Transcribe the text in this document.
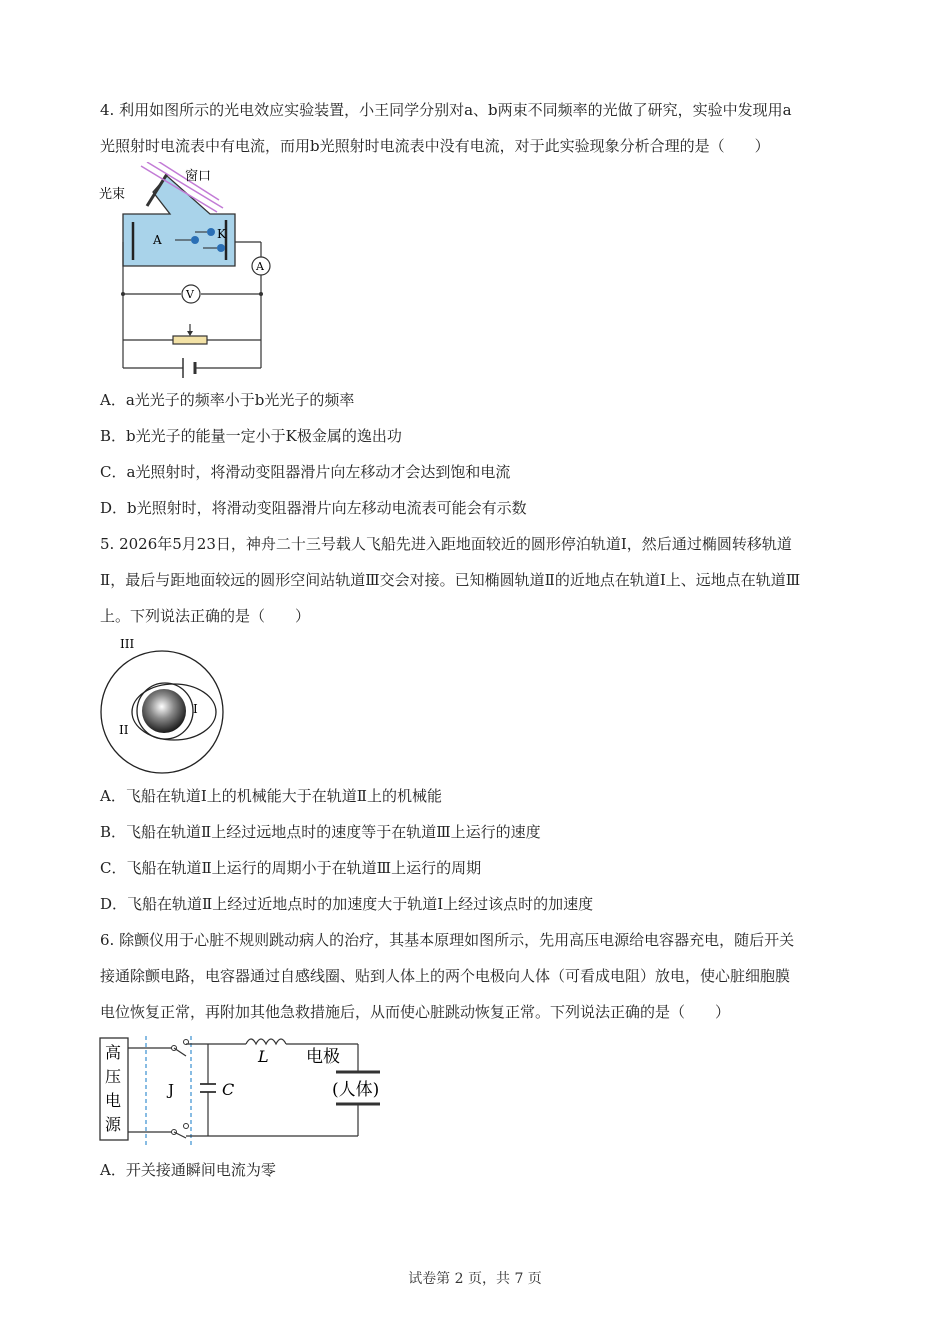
4. 利用如图所示的光电效应实验装置，小王同学分别对a、b两束不同频率的光做了研究，实验中发现用a
光照射时电流表中有电流，而用b光照射时电流表中没有电流，对于此实验现象分析合理的是（　　）
窗口
光束
A	K
A
V
A．a光光子的频率小于b光光子的频率
B．b光光子的能量一定小于K极金属的逸出功
C．a光照射时，将滑动变阻器滑片向左移动才会达到饱和电流
D．b光照射时，将滑动变阻器滑片向左移动电流表可能会有示数
5. 2026年5月23日，神舟二十三号载人飞船先进入距地面较近的圆形停泊轨道Ⅰ，然后通过椭圆转移轨道
Ⅱ，最后与距地面较远的圆形空间站轨道Ⅲ交会对接。已知椭圆轨道Ⅱ的近地点在轨道Ⅰ上、远地点在轨道Ⅲ
上。下列说法正确的是（　　）
III
I
II
A．飞船在轨道Ⅰ上的机械能大于在轨道Ⅱ上的机械能
B．飞船在轨道Ⅱ上经过远地点时的速度等于在轨道Ⅲ上运行的速度
C．飞船在轨道Ⅱ上运行的周期小于在轨道Ⅲ上运行的周期
D．飞船在轨道Ⅱ上经过近地点时的加速度大于轨道Ⅰ上经过该点时的加速度
6. 除颤仪用于心脏不规则跳动病人的治疗，其基本原理如图所示，先用高压电源给电容器充电，随后开关
接通除颤电路，电容器通过自感线圈、贴到人体上的两个电极向人体（可看成电阻）放电，使心脏细胞膜
电位恢复正常，再附加其他急救措施后，从而使心脏跳动恢复正常。下列说法正确的是（　　）
高
压
电
源
J	C
L 电极
(人体)
A．开关接通瞬间电流为零
试卷第 2 页，共 7 页
